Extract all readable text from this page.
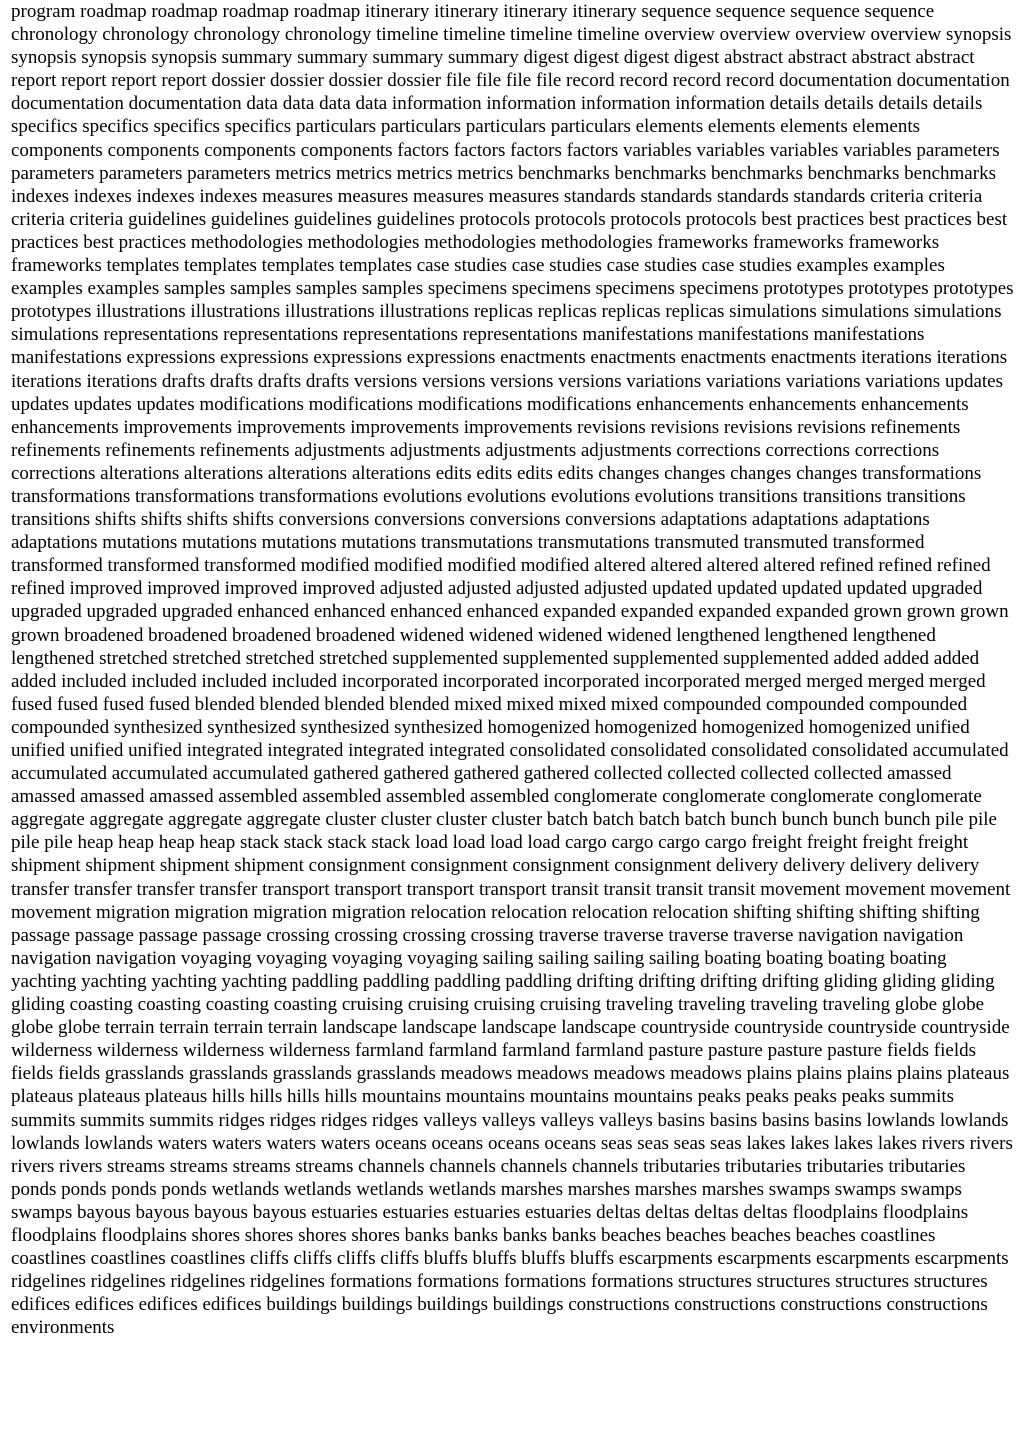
program roadmap roadmap roadmap roadmap itinerary itinerary itinerary itinerary sequence sequence sequence sequence chronology chronology chronology chronology timeline timeline timeline timeline overview overview overview overview synopsis synopsis synopsis synopsis summary summary summary summary digest digest digest digest abstract abstract abstract abstract report report report report dossier dossier dossier dossier file file file file record record record record documentation documentation documentation documentation data data data data information information information information details details details details specifics specifics specifics specifics particulars particulars particulars particulars elements elements elements elements components components components components factors factors factors factors variables variables variables variables parameters parameters parameters parameters metrics metrics metrics metrics benchmarks benchmarks benchmarks benchmarks benchmarks indexes indexes indexes indexes measures measures measures measures standards standards standards standards criteria criteria criteria criteria guidelines guidelines guidelines guidelines protocols protocols protocols protocols best practices best practices best practices best practices methodologies methodologies methodologies methodologies frameworks frameworks frameworks frameworks templates templates templates templates case studies case studies case studies case studies examples examples examples examples samples samples samples samples specimens specimens specimens specimens prototypes prototypes prototypes prototypes illustrations illustrations illustrations illustrations replicas replicas replicas replicas simulations simulations simulations simulations representations representations representations representations manifestations manifestations manifestations manifestations expressions expressions expressions expressions enactments enactments enactments enactments iterations iterations iterations iterations drafts drafts drafts drafts versions versions versions versions variations variations variations variations updates updates updates updates modifications modifications modifications modifications enhancements enhancements enhancements enhancements improvements improvements improvements improvements revisions revisions revisions revisions refinements refinements refinements refinements adjustments adjustments adjustments adjustments corrections corrections corrections corrections alterations alterations alterations alterations edits edits edits edits changes changes changes changes transformations transformations transformations transformations evolutions evolutions evolutions evolutions transitions transitions transitions transitions shifts shifts shifts shifts conversions conversions conversions conversions adaptations adaptations adaptations adaptations mutations mutations mutations mutations transmutations transmutations transmuted transmuted transformed transformed transformed transformed modified modified modified modified altered altered altered altered refined refined refined refined improved improved improved improved adjusted adjusted adjusted adjusted updated updated updated updated upgraded upgraded upgraded upgraded enhanced enhanced enhanced enhanced expanded expanded expanded expanded grown grown grown grown broadened broadened broadened broadened widened widened widened widened lengthened lengthened lengthened lengthened stretched stretched stretched stretched supplemented supplemented supplemented supplemented added added added added included included included included incorporated incorporated incorporated incorporated merged merged merged merged fused fused fused fused blended blended blended blended mixed mixed mixed mixed compounded compounded compounded compounded synthesized synthesized synthesized synthesized homogenized homogenized homogenized homogenized unified unified unified unified integrated integrated integrated integrated consolidated consolidated consolidated consolidated accumulated accumulated accumulated accumulated gathered gathered gathered gathered collected collected collected collected amassed amassed amassed amassed assembled assembled assembled assembled conglomerate conglomerate conglomerate conglomerate aggregate aggregate aggregate aggregate cluster cluster cluster cluster batch batch batch batch bunch bunch bunch bunch pile pile pile pile heap heap heap heap stack stack stack stack load load load load cargo cargo cargo cargo freight freight freight freight shipment shipment shipment shipment consignment consignment consignment consignment delivery delivery delivery delivery transfer transfer transfer transfer transport transport transport transport transit transit transit transit movement movement movement movement migration migration migration migration relocation relocation relocation relocation shifting shifting shifting shifting passage passage passage passage crossing crossing crossing crossing traverse traverse traverse traverse navigation navigation navigation navigation voyaging voyaging voyaging voyaging sailing sailing sailing sailing boating boating boating boating yachting yachting yachting yachting paddling paddling paddling paddling drifting drifting drifting drifting gliding gliding gliding gliding coasting coasting coasting coasting cruising cruising cruising cruising traveling traveling traveling traveling globe globe globe globe terrain terrain terrain terrain landscape landscape landscape landscape countryside countryside countryside countryside wilderness wilderness wilderness wilderness farmland farmland farmland farmland pasture pasture pasture pasture fields fields fields fields grasslands grasslands grasslands grasslands meadows meadows meadows meadows plains plains plains plains plateaus plateaus plateaus plateaus hills hills hills hills mountains mountains mountains mountains peaks peaks peaks peaks summits summits summits summits ridges ridges ridges ridges valleys valleys valleys valleys basins basins basins basins lowlands lowlands lowlands lowlands waters waters waters waters oceans oceans oceans oceans seas seas seas seas lakes lakes lakes lakes rivers rivers rivers rivers streams streams streams streams channels channels channels channels tributaries tributaries tributaries tributaries ponds ponds ponds ponds wetlands wetlands wetlands wetlands marshes marshes marshes marshes swamps swamps swamps swamps bayous bayous bayous bayous estuaries estuaries estuaries estuaries deltas deltas deltas deltas floodplains floodplains floodplains floodplains shores shores shores shores banks banks banks banks beaches beaches beaches beaches coastlines coastlines coastlines coastlines cliffs cliffs cliffs cliffs bluffs bluffs bluffs bluffs escarpments escarpments escarpments escarpments ridgelines ridgelines ridgelines ridgelines formations formations formations formations structures structures structures structures edifices edifices edifices edifices buildings buildings buildings buildings constructions constructions constructions constructions environments
